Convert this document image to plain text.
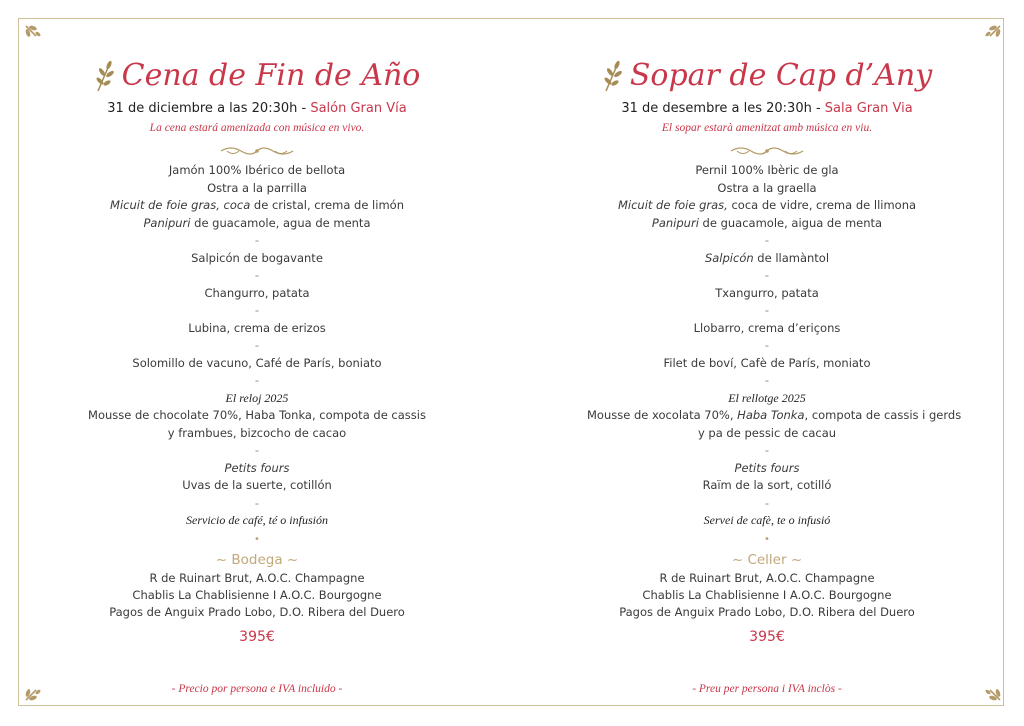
Cena de Fin de Año
31 de diciembre a las 20:30h - Salón Gran Vía
La cena estará amenizada con música en vivo.
Jamón 100% Ibérico de bellota
Ostra a la parrilla
Micuit de foie gras, coca de cristal, crema de limón
Panipuri de guacamole, agua de menta
-
Salpicón de bogavante
-
Changurro, patata
-
Lubina, crema de erizos
-
Solomillo de vacuno, Café de París, boniato
-
El reloj 2025
Mousse de chocolate 70%, Haba Tonka, compota de cassis
y frambues, bizcocho de cacao
-
Petits fours
Uvas de la suerte, cotillón
-
Servicio de café, té o infusión
•
~ Bodega ~
R de Ruinart Brut, A.O.C. Champagne
Chablis La Chablisienne I A.O.C. Bourgogne
Pagos de Anguix Prado Lobo, D.O. Ribera del Duero
395€
- Precio por persona e IVA incluido -
Sopar de Cap d’Any
31 de desembre a les 20:30h - Sala Gran Via
El sopar estarà amenitzat amb música en viu.
Pernil 100% Ibèric de gla
Ostra a la graella
Micuit de foie gras, coca de vidre, crema de llimona
Panipuri de guacamole, aigua de menta
-
Salpicón de llamàntol
-
Txangurro, patata
-
Llobarro, crema d’eriçons
-
Filet de boví, Cafè de París, moniato
-
El rellotge 2025
Mousse de xocolata 70%, Haba Tonka, compota de cassis i gerds
y pa de pessic de cacau
-
Petits fours
Raïm de la sort, cotilló
-
Servei de cafè, te o infusió
•
~ Celler ~
R de Ruinart Brut, A.O.C. Champagne
Chablis La Chablisienne I A.O.C. Bourgogne
Pagos de Anguix Prado Lobo, D.O. Ribera del Duero
395€
- Preu per persona i IVA inclòs -
